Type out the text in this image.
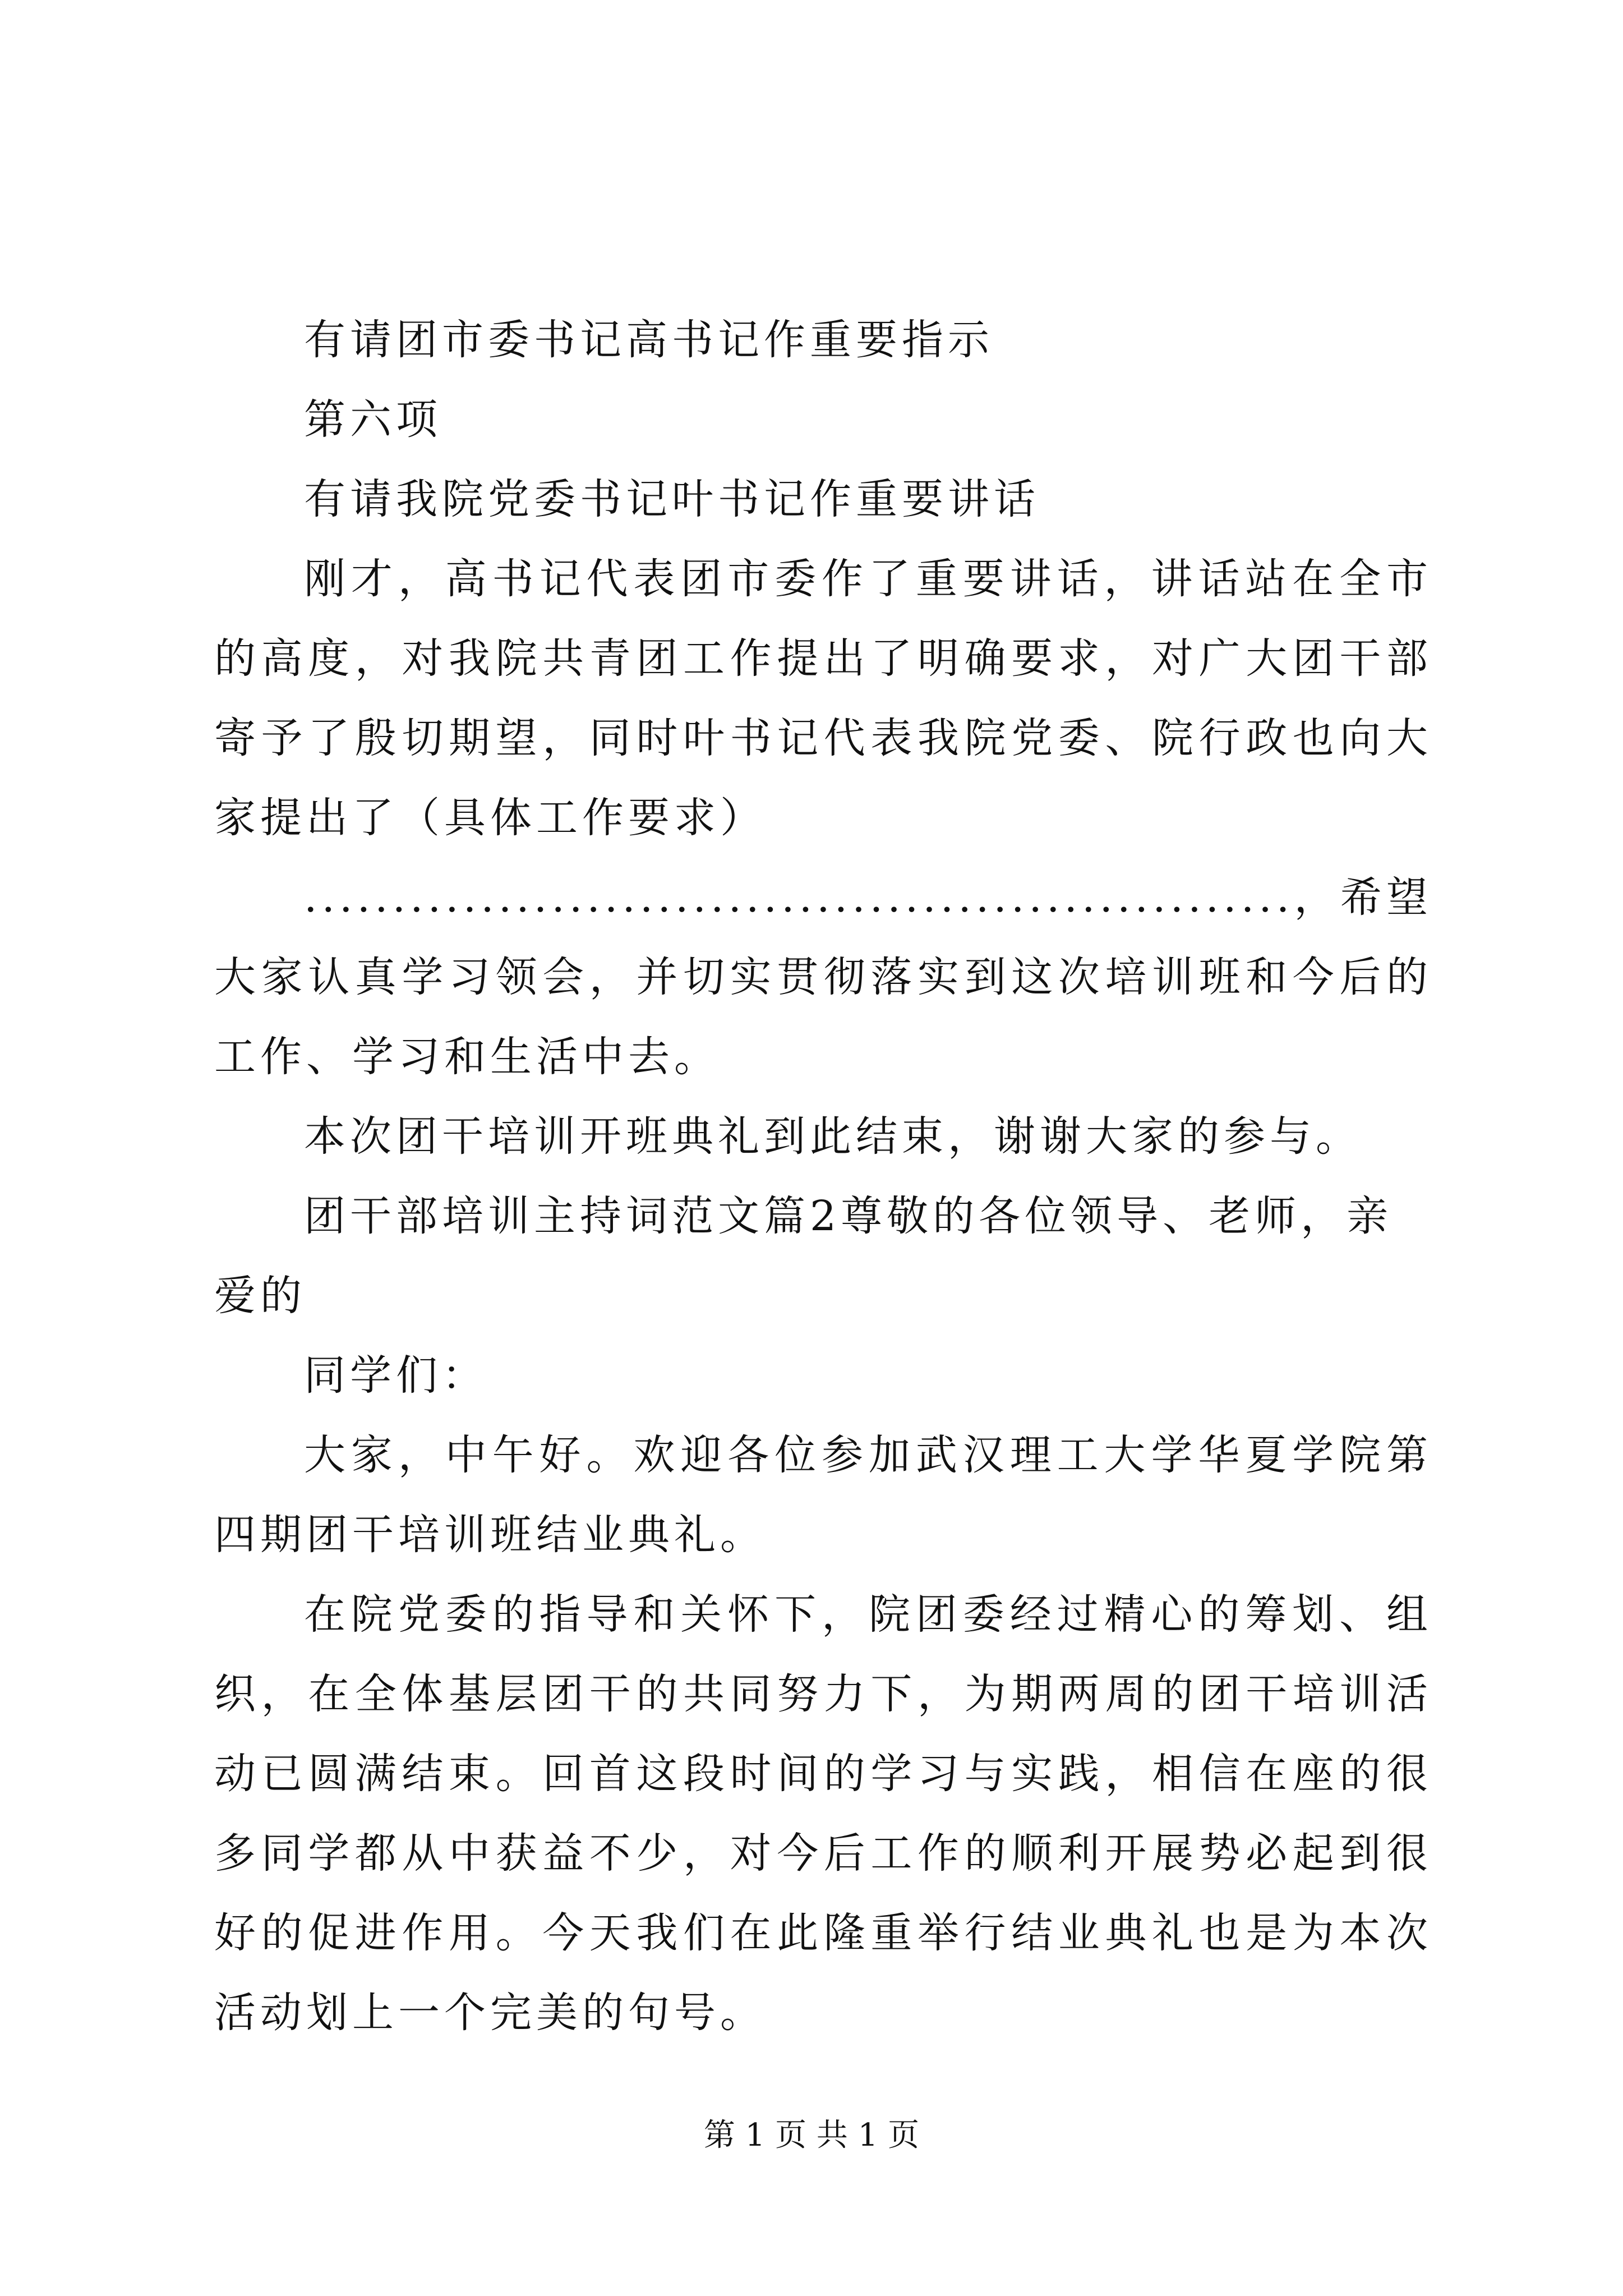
有请团市委书记高书记作重要指示

第六项

有请我院党委书记叶书记作重要讲话

刚才，高书记代表团市委作了重要讲话，讲话站在全市的高度，对我院共青团工作提出了明确要求，对广大团干部寄予了殷切期望，同时叶书记代表我院党委、院行政也向大家提出了（具体工作要求）

........................................................，希望大家认真学习领会，并切实贯彻落实到这次培训班和今后的工作、学习和生活中去。

本次团干培训开班典礼到此结束，谢谢大家的参与。

团干部培训主持词范文篇2尊敬的各位领导、老师，亲爱的

同学们：

大家，中午好。欢迎各位参加武汉理工大学华夏学院第四期团干培训班结业典礼。

在院党委的指导和关怀下，院团委经过精心的筹划、组织，在全体基层团干的共同努力下，为期两周的团干培训活动已圆满结束。回首这段时间的学习与实践，相信在座的很多同学都从中获益不少，对今后工作的顺利开展势必起到很好的促进作用。今天我们在此隆重举行结业典礼也是为本次活动划上一个完美的句号。

第 1 页 共 1 页
